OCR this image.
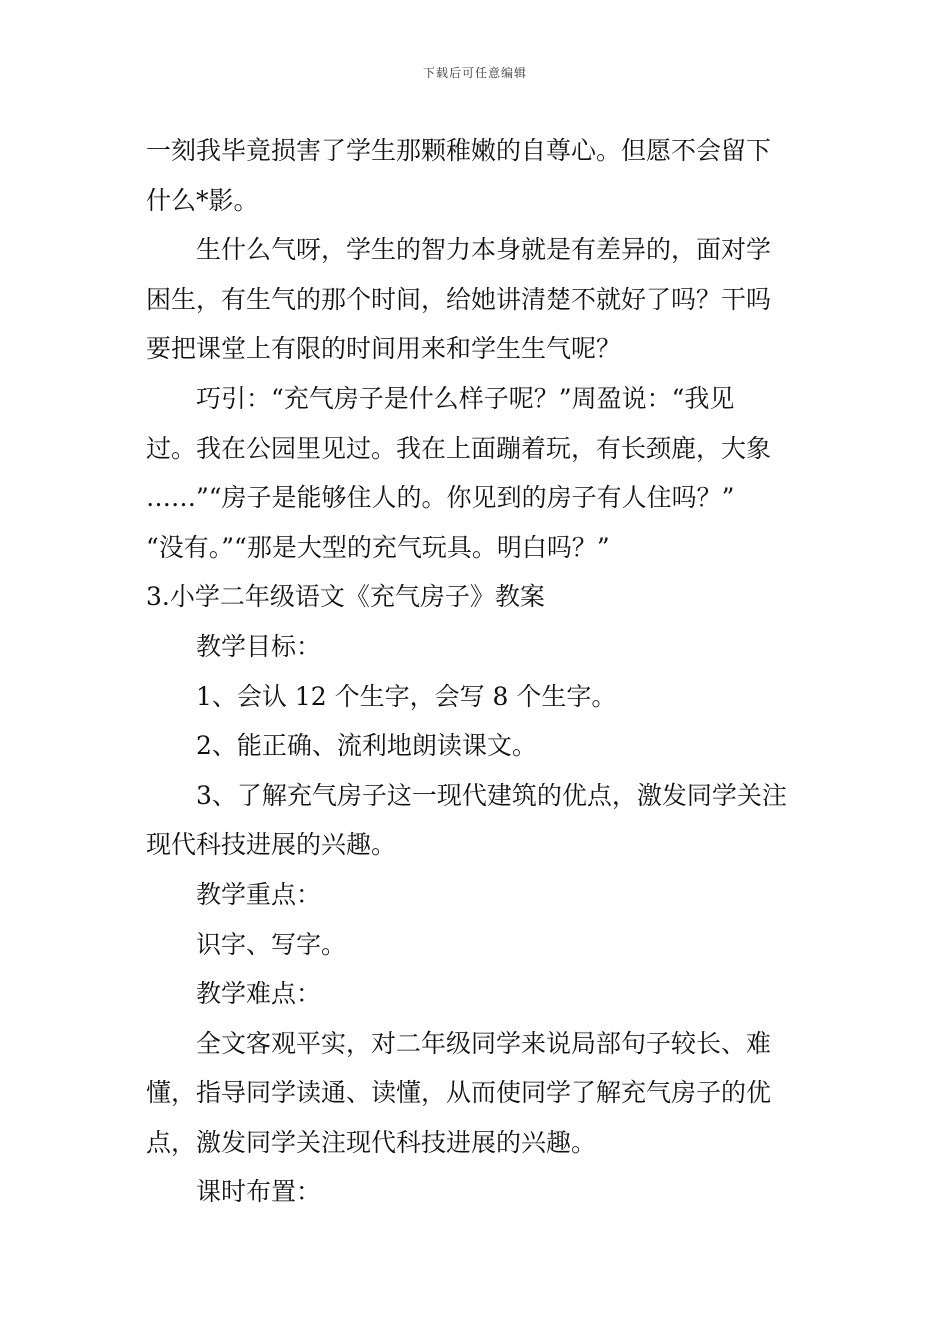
下载后可任意编辑
一刻我毕竟损害了学生那颗稚嫩的自尊心。但愿不会留下
什么*影。
生什么气呀，学生的智力本身就是有差异的，面对学
困生，有生气的那个时间，给她讲清楚不就好了吗？干吗
要把课堂上有限的时间用来和学生生气呢？
巧引：“充气房子是什么样子呢？”周盈说：“我见
过。我在公园里见过。我在上面蹦着玩，有长颈鹿，大象
……”“房子是能够住人的。你见到的房子有人住吗？”
“没有。”“那是大型的充气玩具。明白吗？”
3.小学二年级语文《充气房子》教案
教学目标：
1、会认 12 个生字，会写 8 个生字。
2、能正确、流利地朗读课文。
3、了解充气房子这一现代建筑的优点，激发同学关注
现代科技进展的兴趣。
教学重点：
识字、写字。
教学难点：
全文客观平实，对二年级同学来说局部句子较长、难
懂，指导同学读通、读懂，从而使同学了解充气房子的优
点，激发同学关注现代科技进展的兴趣。
课时布置：
